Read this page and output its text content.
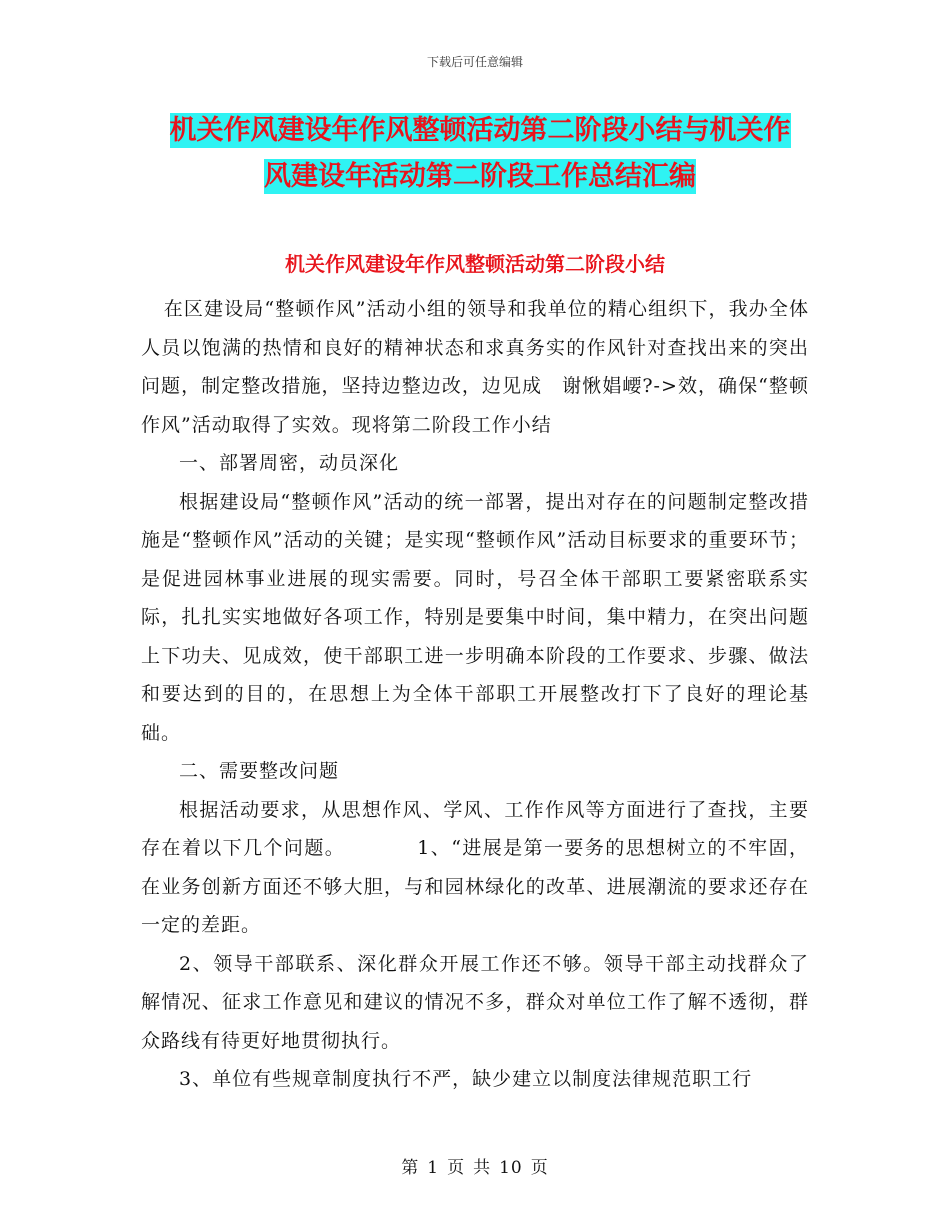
下载后可任意编辑
机关作风建设年作风整顿活动第二阶段小结与机关作
风建设年活动第二阶段工作总结汇编
机关作风建设年作风整顿活动第二阶段小结

在区建设局“整顿作风”活动小组的领导和我单位的精心组织下，我办全体人员以饱满的热情和良好的精神状态和求真务实的作风针对查找出来的突出问题，制定整改措施，坚持边整边改，边见成　谢愀娼崾?->效，确保“整顿作风”活动取得了实效。现将第二阶段工作小结

一、部署周密，动员深化

根据建设局“整顿作风”活动的统一部署，提出对存在的问题制定整改措施是“整顿作风”活动的关键；是实现“整顿作风”活动目标要求的重要环节；是促进园林事业进展的现实需要。同时，号召全体干部职工要紧密联系实际，扎扎实实地做好各项工作，特别是要集中时间，集中精力，在突出问题上下功夫、见成效，使干部职工进一步明确本阶段的工作要求、步骤、做法和要达到的目的，在思想上为全体干部职工开展整改打下了良好的理论基础。

二、需要整改问题

根据活动要求，从思想作风、学风、工作作风等方面进行了查找，主要存在着以下几个问题。　　　　1、“进展是第一要务的思想树立的不牢固，在业务创新方面还不够大胆，与和园林绿化的改革、进展潮流的要求还存在一定的差距。

2、领导干部联系、深化群众开展工作还不够。领导干部主动找群众了解情况、征求工作意见和建议的情况不多，群众对单位工作了解不透彻，群众路线有待更好地贯彻执行。

3、单位有些规章制度执行不严，缺少建立以制度法律规范职工行

第 1 页 共 10 页
